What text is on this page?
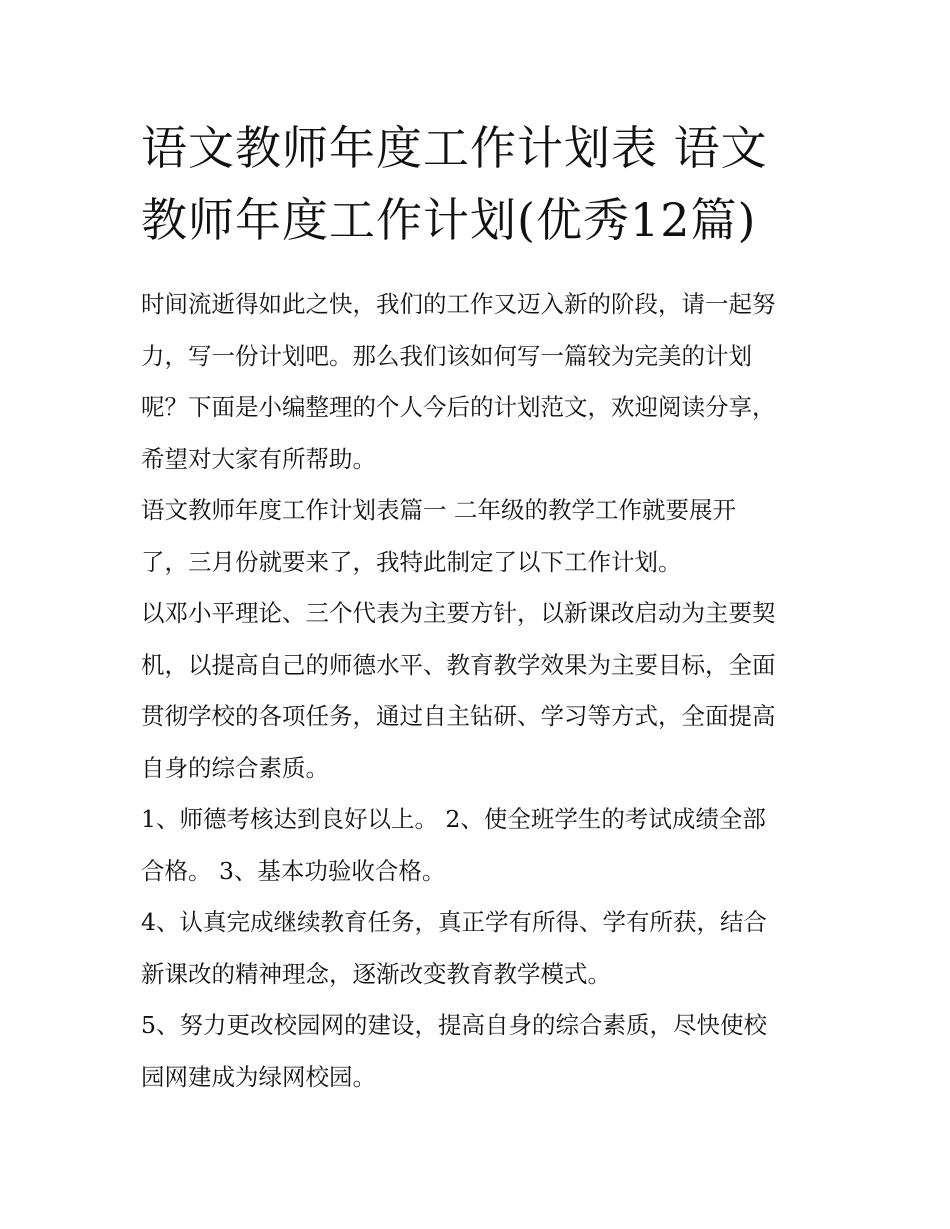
语文教师年度工作计划表 语文
教师年度工作计划(优秀12篇)

时间流逝得如此之快，我们的工作又迈入新的阶段，请一起努
力，写一份计划吧。那么我们该如何写一篇较为完美的计划
呢？下面是小编整理的个人今后的计划范文，欢迎阅读分享，
希望对大家有所帮助。

语文教师年度工作计划表篇一 二年级的教学工作就要展开
了，三月份就要来了，我特此制定了以下工作计划。

以邓小平理论、三个代表为主要方针，以新课改启动为主要契
机，以提高自己的师德水平、教育教学效果为主要目标，全面
贯彻学校的各项任务，通过自主钻研、学习等方式，全面提高
自身的综合素质。

1、师德考核达到良好以上。 2、使全班学生的考试成绩全部
合格。 3、基本功验收合格。

4、认真完成继续教育任务，真正学有所得、学有所获，结合
新课改的精神理念，逐渐改变教育教学模式。

5、努力更改校园网的建设，提高自身的综合素质，尽快使校
园网建成为绿网校园。
